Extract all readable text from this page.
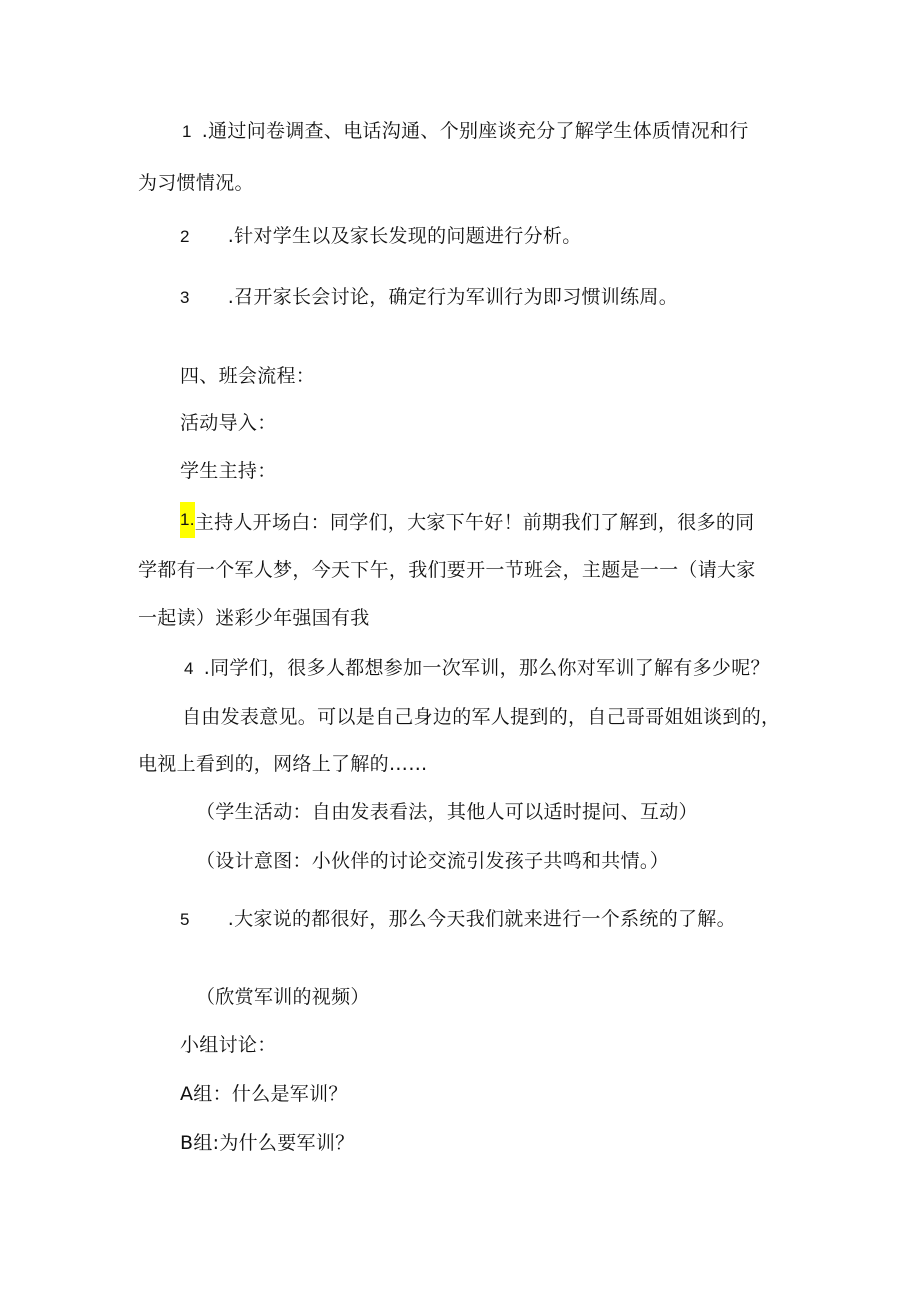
1 .通过问卷调查、电话沟通、个别座谈充分了解学生体质情况和行
为习惯情况。
2 .针对学生以及家长发现的问题进行分析。
3 .召开家长会讨论，确定行为军训行为即习惯训练周。
四、班会流程：
活动导入：
学生主持：
1.主持人开场白：同学们，大家下午好！前期我们了解到，很多的同
学都有一个军人梦，今天下午，我们要开一节班会，主题是一一（请大家
一起读）迷彩少年强国有我
4 .同学们，很多人都想参加一次军训，那么你对军训了解有多少呢？
自由发表意见。可以是自己身边的军人提到的，自己哥哥姐姐谈到的，
电视上看到的，网络上了解的……
（学生活动：自由发表看法，其他人可以适时提问、互动）
（设计意图：小伙伴的讨论交流引发孩子共鸣和共情。）
5 .大家说的都很好，那么今天我们就来进行一个系统的了解。
（欣赏军训的视频）
小组讨论：
A组：什么是军训？
B组:为什么要军训？
